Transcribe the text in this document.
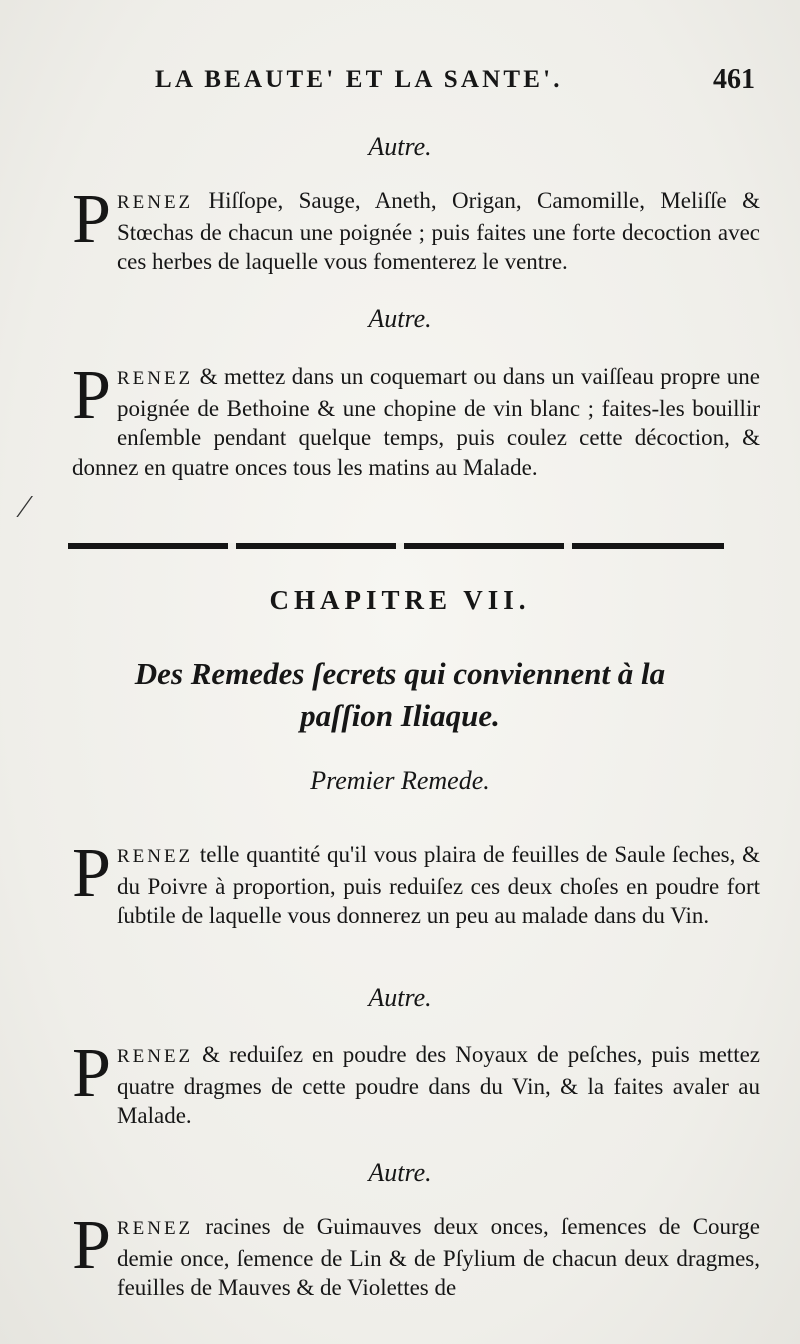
LA BEAUTE' ET LA SANTE'.	461
Autre.
P RENEZ Hiſſope, Sauge, Aneth, Origan, Camomille, Meliſſe & Stœchas de chacun une poignée ; puis faites une forte decoction avec ces herbes de laquelle vous fomenterez le ventre.
Autre.
P RENEZ & mettez dans un coquemart ou dans un vaiſſeau propre une poignée de Bethoine & une chopine de vin blanc ; faites-les bouillir enſemble pendant quelque temps, puis coulez cette décoction, & donnez en quatre onces tous les matins au Malade.
⁄
CHAPITRE VII.
Des Remedes ſecrets qui conviennent à la
paſſion Iliaque.
Premier Remede.
P RENEZ telle quantité qu'il vous plaira de feuilles de Saule ſeches, & du Poivre à proportion, puis reduiſez ces deux choſes en poudre fort ſubtile de laquelle vous donnerez un peu au malade dans du Vin.
Autre.
P RENEZ & reduiſez en poudre des Noyaux de peſches, puis mettez quatre dragmes de cette poudre dans du Vin, & la faites avaler au Malade.
Autre.
P RENEZ racines de Guimauves deux onces, ſemences de Courge demie once, ſemence de Lin & de Pſylium de chacun deux dragmes, feuilles de Mauves & de Violettes de
